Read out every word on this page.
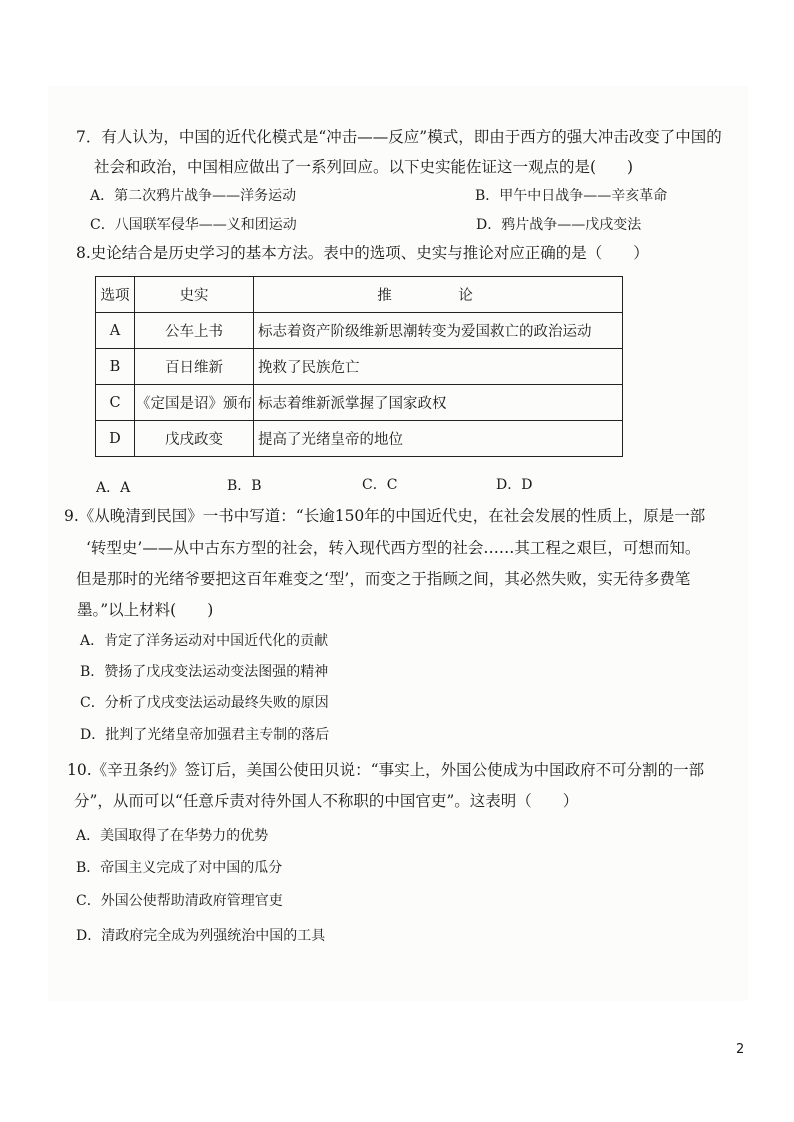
7．有人认为，中国的近代化模式是“冲击——反应”模式，即由于西方的强大冲击改变了中国的
社会和政治，中国相应做出了一系列回应。以下史实能佐证这一观点的是(　　)
A．第二次鸦片战争——洋务运动	B．甲午中日战争——辛亥革命
C．八国联军侵华——义和团运动	D．鸦片战争——戊戌变法
8.史论结合是历史学习的基本方法。表中的选项、史实与推论对应正确的是（　　）
选项	史实	推　论
A	公车上书	标志着资产阶级维新思潮转变为爱国救亡的政治运动
B	百日维新	挽救了民族危亡
C	《定国是诏》颁布	标志着维新派掌握了国家政权
D	戊戌政变	提高了光绪皇帝的地位
A．A	B．B	C．C	D．D
9.《从晚清到民国》一书中写道：“长逾150年的中国近代史，在社会发展的性质上，原是一部
‘转型史’——从中古东方型的社会，转入现代西方型的社会……其工程之艰巨，可想而知。
但是那时的光绪爷要把这百年难变之‘型’，而变之于指顾之间，其必然失败，实无待多费笔
墨。”以上材料(　　)
A．肯定了洋务运动对中国近代化的贡献
B．赞扬了戊戌变法运动变法图强的精神
C．分析了戊戌变法运动最终失败的原因
D．批判了光绪皇帝加强君主专制的落后
10.《辛丑条约》签订后，美国公使田贝说：“事实上，外国公使成为中国政府不可分割的一部
分”，从而可以“任意斥责对待外国人不称职的中国官吏”。这表明（　　）
A．美国取得了在华势力的优势
B．帝国主义完成了对中国的瓜分
C．外国公使帮助清政府管理官吏
D．清政府完全成为列强统治中国的工具
2
